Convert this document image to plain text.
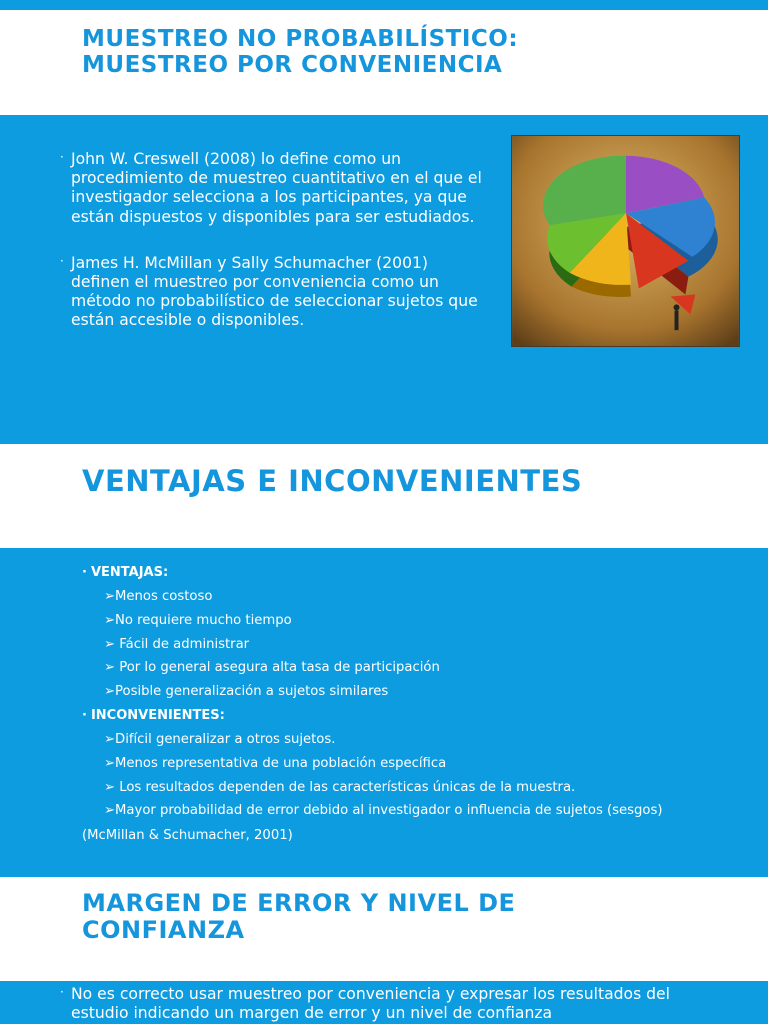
MUESTREO NO PROBABILÍSTICO:
MUESTREO POR CONVENIENCIA
· John W. Creswell (2008) lo define como un procedimiento de muestreo cuantitativo en el que el investigador selecciona a los participantes, ya que están dispuestos y disponibles para ser estudiados.
· James H. McMillan y Sally Schumacher (2001) definen el muestreo por conveniencia como un método no probabilístico de seleccionar sujetos que están accesible o disponibles.
VENTAJAS E INCONVENIENTES
· VENTAJAS:
➢Menos costoso
➢No requiere mucho tiempo
➢ Fácil de administrar
➢ Por lo general asegura alta tasa de participación
➢Posible generalización a sujetos similares
· INCONVENIENTES:
➢Difícil generalizar a otros sujetos.
➢Menos representativa de una población específica
➢ Los resultados dependen de las características únicas de la muestra.
➢Mayor probabilidad de error debido al investigador o influencia de sujetos (sesgos)
(McMillan & Schumacher, 2001)
MARGEN DE ERROR Y NIVEL DE
CONFIANZA
· No es correcto usar muestreo por conveniencia y expresar los resultados del estudio indicando un margen de error y un nivel de confianza
